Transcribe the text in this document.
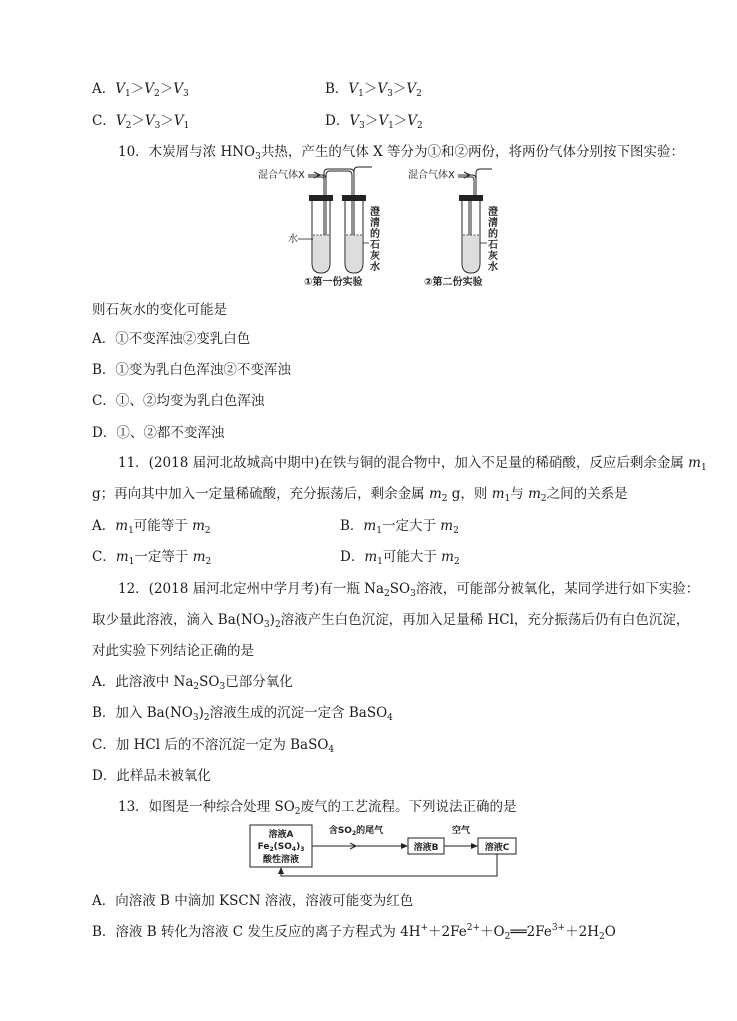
A．$V_1>V_2>V_3$	B．$V_1>V_3>V_2$
C．$V_2>V_3>V_1$	D．$V_3>V_1>V_2$
10．木炭屑与浓 $HNO_3$共热，产生的气体 X 等分为①和②两份，将两份气体分别按下图实验：
混合气体X
水
澄
清
的
石
灰
水
①第一份实验
混合气体X
澄
清
的
石
灰
水
②第二份实验
则石灰水的变化可能是
A．①不变浑浊②变乳白色
B．①变为乳白色浑浊②不变浑浊
C．①、②均变为乳白色浑浊
D．①、②都不变浑浊
11．(2018 届河北故城高中期中)在铁与铜的混合物中，加入不足量的稀硝酸，反应后剩余金属 $m_1$
g；再向其中加入一定量稀硫酸，充分振荡后，剩余金属 $m_2$ g，则 $m_1$与 $m_2$之间的关系是
A．$m_1$可能等于 $m_2$	B．$m_1$一定大于 $m_2$
C．$m_1$一定等于 $m_2$	D．$m_1$可能大于 $m_2$
12．(2018 届河北定州中学月考)有一瓶 $Na_2SO_3$溶液，可能部分被氧化，某同学进行如下实验：
取少量此溶液，滴入 $Ba(NO_3)_2$溶液产生白色沉淀，再加入足量稀 HCl，充分振荡后仍有白色沉淀，
对此实验下列结论正确的是
A．此溶液中 $Na_2SO_3$已部分氧化
B．加入 $Ba(NO_3)_2$溶液生成的沉淀一定含 BaSO$_4$
C．加 HCl 后的不溶沉淀一定为 BaSO$_4$
D．此样品未被氧化
13．如图是一种综合处理 $SO_2$废气的工艺流程。下列说法正确的是
溶液A
$Fe_2(SO_4)_3$
酸性溶液
含$SO_2$的尾气
溶液B
空气
溶液C
A．向溶液 B 中滴加 KSCN 溶液，溶液可能变为红色
B．溶液 B 转化为溶液 C 发生反应的离子方程式为 $4H^++2Fe^{2+}+O_2══2Fe^{3+}+2H_2O$
